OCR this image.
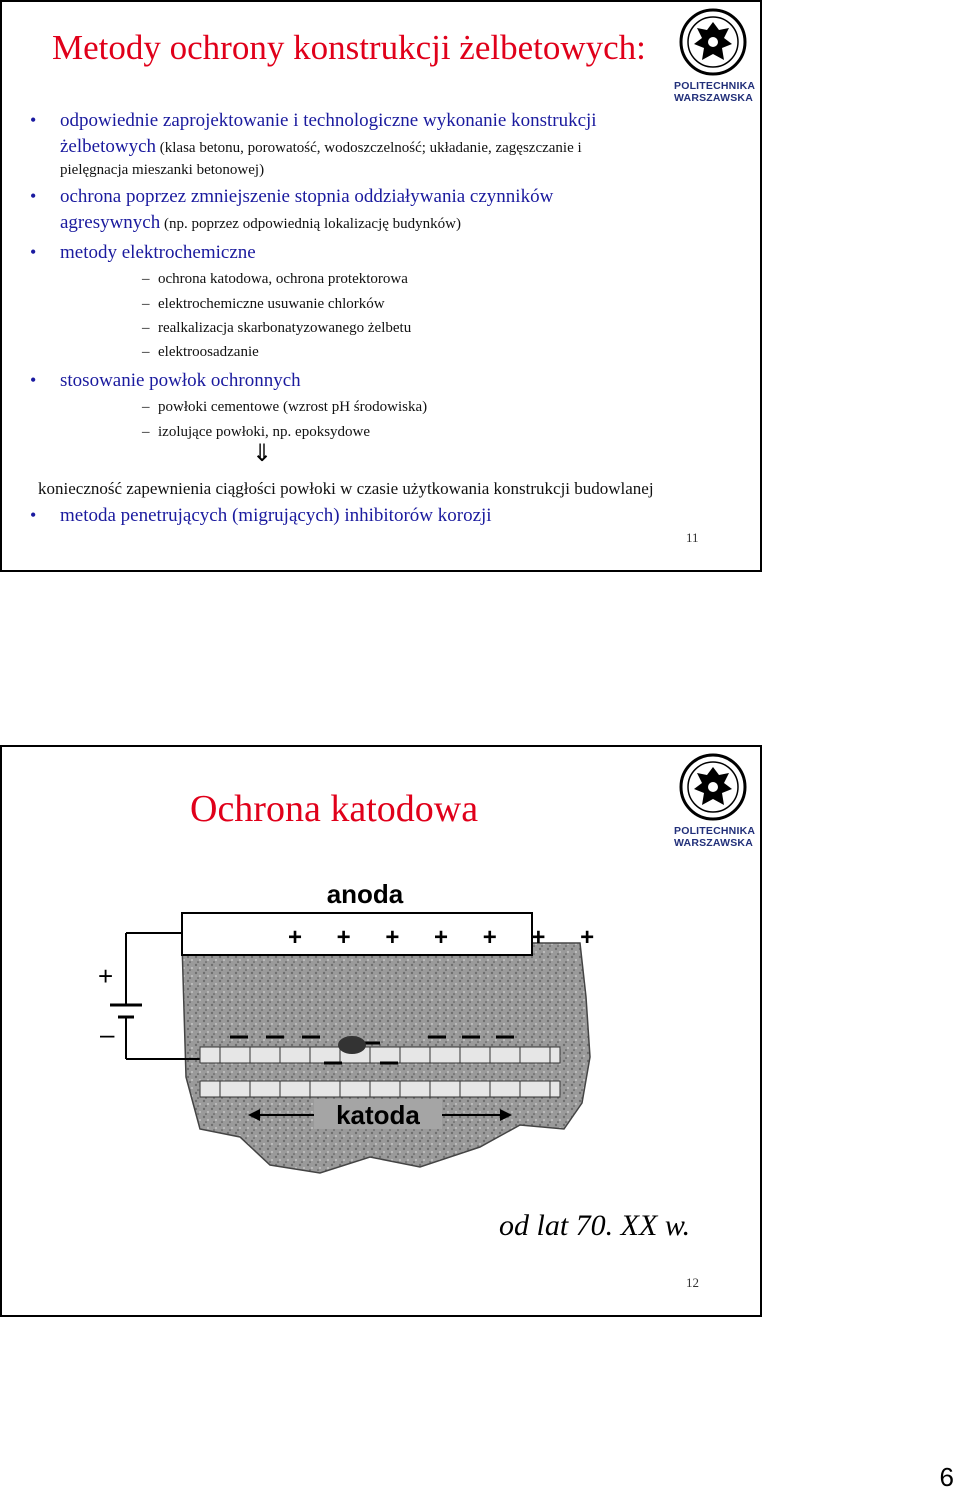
Metody ochrony konstrukcji żelbetowych:
POLITECHNIKA
WARSZAWSKA
• odpowiednie zaprojektowanie i technologiczne wykonanie konstrukcji
żelbetowych (klasa betonu, porowatość, wodoszczelność; układanie, zagęszczanie i
pielęgnacja mieszanki betonowej)
• ochrona poprzez zmniejszenie stopnia oddziaływania czynników
agresywnych (np. poprzez odpowiednią lokalizację budynków)
• metody elektrochemiczne
– ochrona katodowa, ochrona protektorowa
– elektrochemiczne usuwanie chlorków
– realkalizacja skarbonatyzowanego żelbetu
– elektroosadzanie
• stosowanie powłok ochronnych
– powłoki cementowe (wzrost pH środowiska)
– izolujące powłoki, np. epoksydowe
⇓
konieczność zapewnienia ciągłości powłoki w czasie użytkowania konstrukcji budowlanej
• metoda penetrujących (migrujących) inhibitorów korozji
11
Ochrona katodowa
POLITECHNIKA
WARSZAWSKA
anoda
+ + + + + + +
+
–
katoda
od lat 70. XX w.
12
6
